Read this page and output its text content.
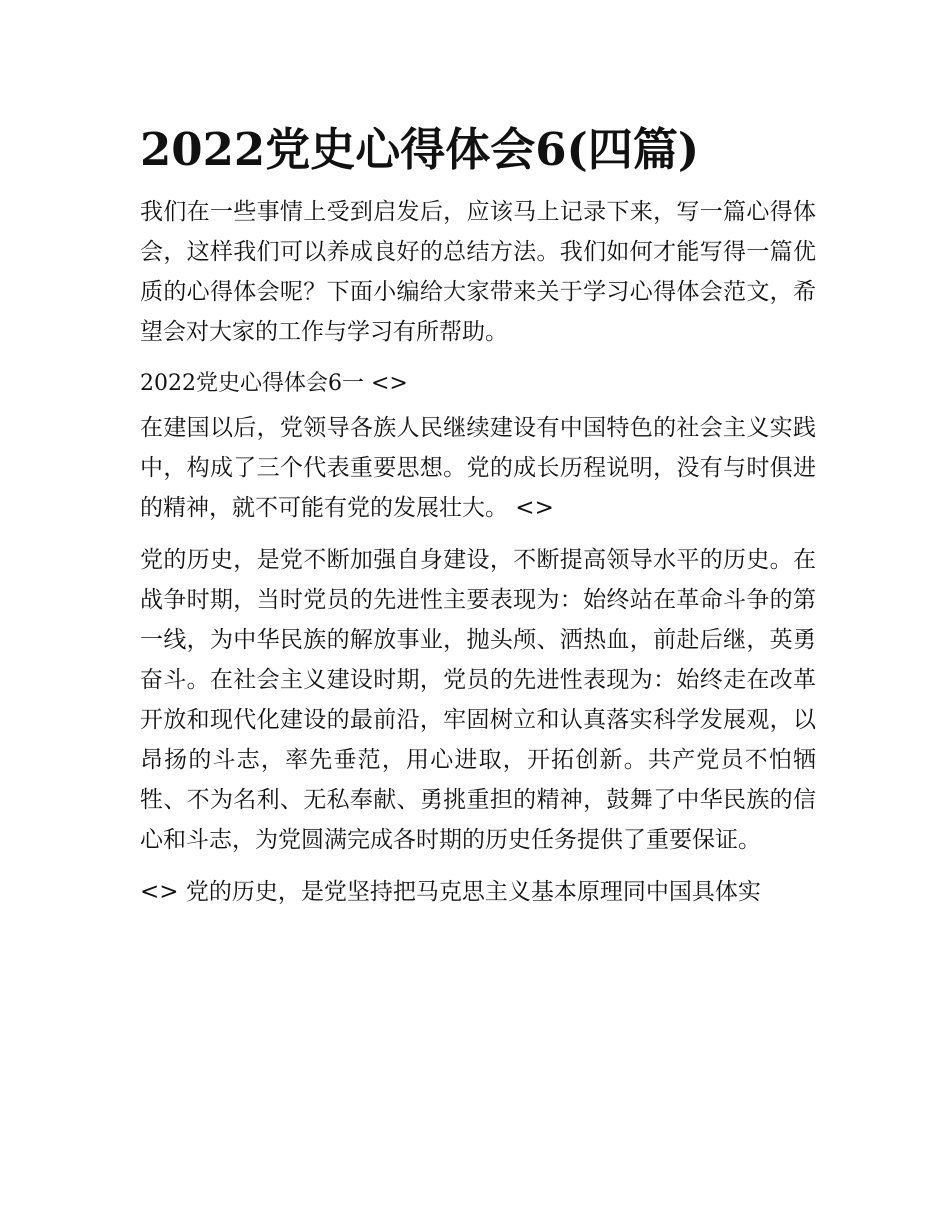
2022党史心得体会6(四篇)

我们在一些事情上受到启发后，应该马上记录下来，写一篇心得体会，这样我们可以养成良好的总结方法。我们如何才能写得一篇优质的心得体会呢？下面小编给大家带来关于学习心得体会范文，希望会对大家的工作与学习有所帮助。

2022党史心得体会6一 <>

在建国以后，党领导各族人民继续建设有中国特色的社会主义实践中，构成了三个代表重要思想。党的成长历程说明，没有与时俱进的精神，就不可能有党的发展壮大。 <>

党的历史，是党不断加强自身建设，不断提高领导水平的历史。在战争时期，当时党员的先进性主要表现为：始终站在革命斗争的第一线，为中华民族的解放事业，抛头颅、洒热血，前赴后继，英勇奋斗。在社会主义建设时期，党员的先进性表现为：始终走在改革开放和现代化建设的最前沿，牢固树立和认真落实科学发展观，以昂扬的斗志，率先垂范，用心进取，开拓创新。共产党员不怕牺牲、不为名利、无私奉献、勇挑重担的精神，鼓舞了中华民族的信心和斗志，为党圆满完成各时期的历史任务提供了重要保证。

<> 党的历史，是党坚持把马克思主义基本原理同中国具体实
